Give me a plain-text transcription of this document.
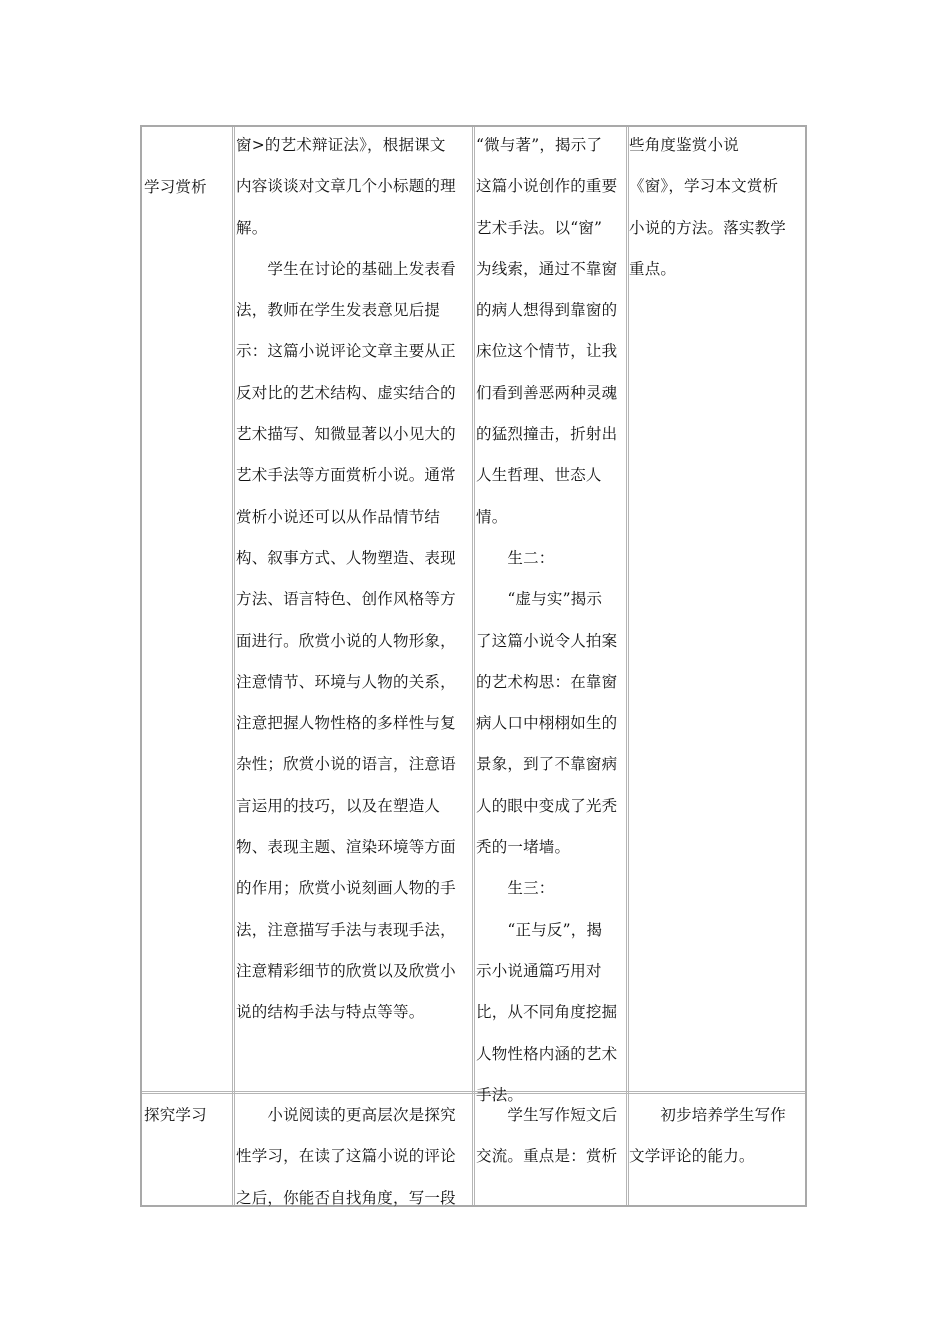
学习赏析

窗>的艺术辩证法》，根据课文

内容谈谈对文章几个小标题的理

解。

　　学生在讨论的基础上发表看

法，教师在学生发表意见后提

示：这篇小说评论文章主要从正

反对比的艺术结构、虚实结合的

艺术描写、知微显著以小见大的

艺术手法等方面赏析小说。通常

赏析小说还可以从作品情节结

构、叙事方式、人物塑造、表现

方法、语言特色、创作风格等方

面进行。欣赏小说的人物形象，

注意情节、环境与人物的关系，

注意把握人物性格的多样性与复

杂性；欣赏小说的语言，注意语

言运用的技巧，以及在塑造人

物、表现主题、渲染环境等方面

的作用；欣赏小说刻画人物的手

法，注意描写手法与表现手法，

注意精彩细节的欣赏以及欣赏小

说的结构手法与特点等等。

“微与著”，揭示了

这篇小说创作的重要

艺术手法。以“窗”

为线索，通过不靠窗

的病人想得到靠窗的

床位这个情节，让我

们看到善恶两种灵魂

的猛烈撞击，折射出

人生哲理、世态人

情。

　　生二：

　　“虚与实”揭示

了这篇小说令人拍案

的艺术构思：在靠窗

病人口中栩栩如生的

景象，到了不靠窗病

人的眼中变成了光秃

秃的一堵墙。

　　生三：

　　“正与反”，揭

示小说通篇巧用对

比，从不同角度挖掘

人物性格内涵的艺术

手法。

些角度鉴赏小说

《窗》，学习本文赏析

小说的方法。落实教学

重点。

探究学习	　　小说阅读的更高层次是探究

性学习，在读了这篇小说的评论

之后，你能否自找角度，写一段

　　学生写作短文后

交流。重点是：赏析

　　初步培养学生写作

文学评论的能力。
